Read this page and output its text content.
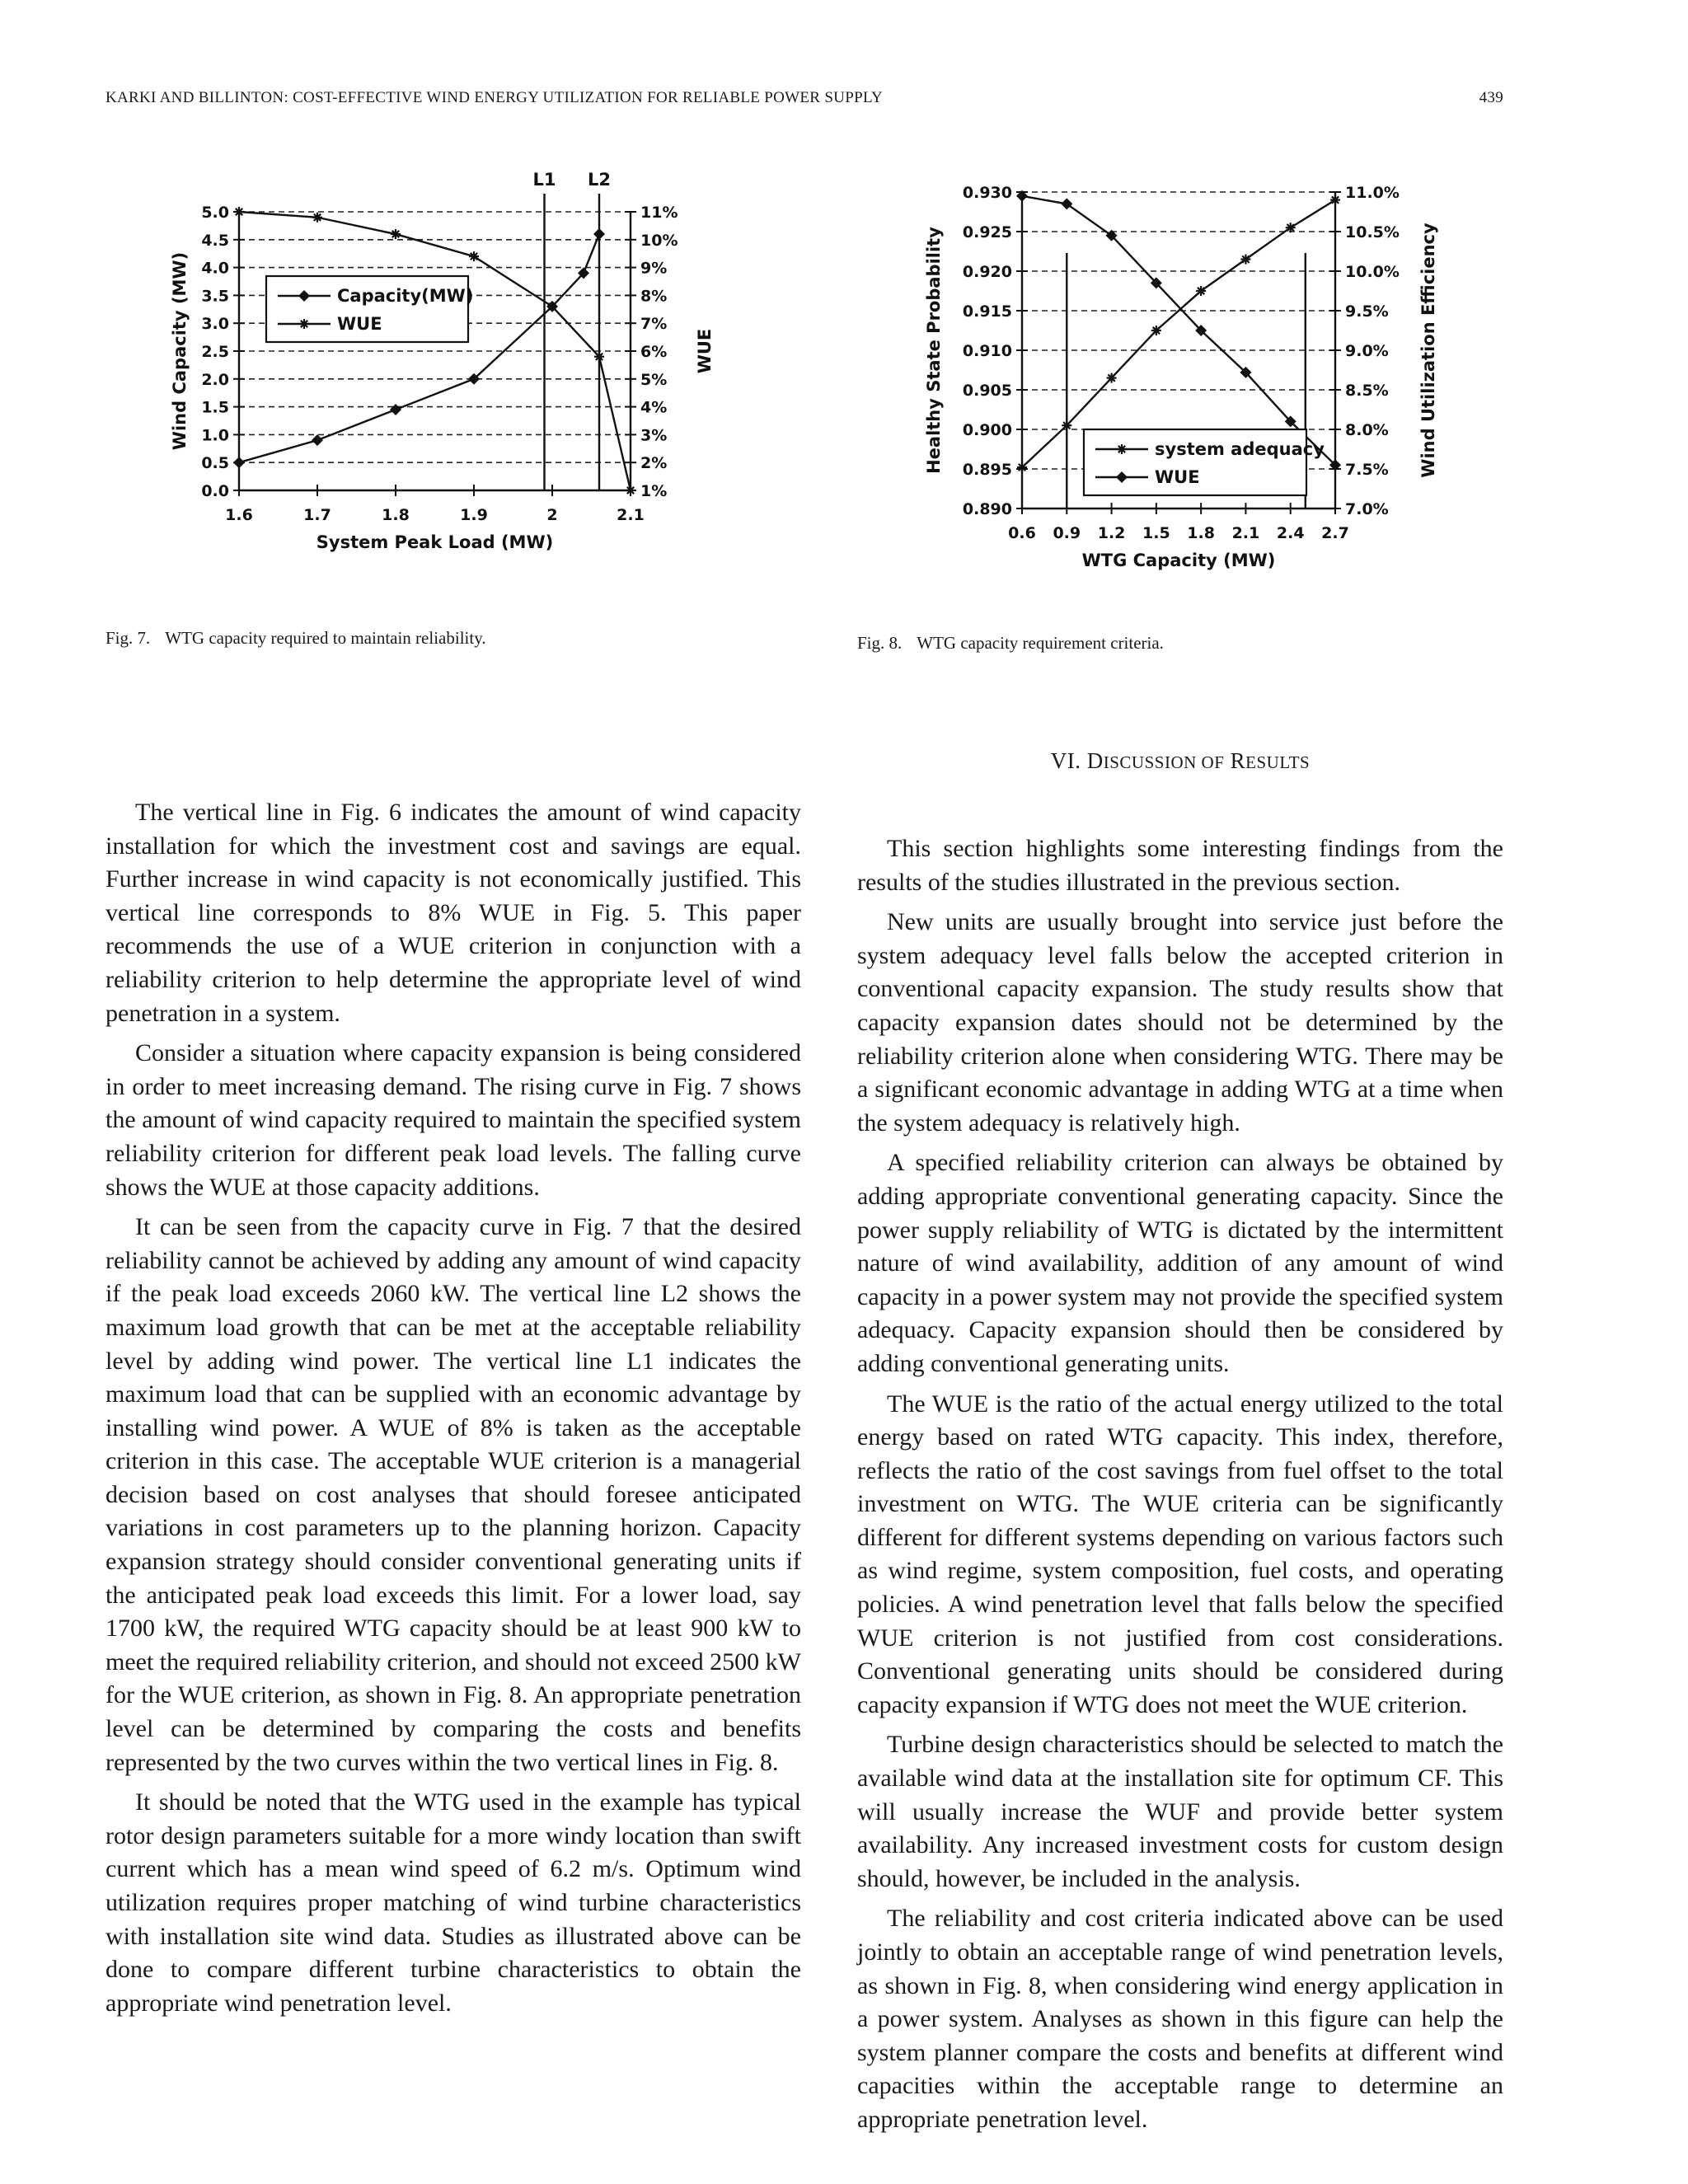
KARKI AND BILLINTON: COST-EFFECTIVE WIND ENERGY UTILIZATION FOR RELIABLE POWER SUPPLY	439
5.0
4.5
4.0
3.5
3.0
2.5
2.0
1.5
1.0
0.5
0.0
11%
10%
9%
8%
7%
6%
5%
4%
3%
2%
1%
1.6	1.7	1.8	1.9	2	2.1
L1 L2
Capacity(MW)
WUE
System Peak Load (MW)
Wind Capacity (MW)	WUE
Fig. 7. WTG capacity required to maintain reliability.
0.930
0.925
0.920
0.915
0.910
0.905
0.900
0.895
0.890
11.0%
10.5%
10.0%
9.5%
9.0%
8.5%
8.0%
7.5%
7.0%
0.6 0.9 1.2 1.5 1.8 2.1 2.4 2.7
system adequacy
WUE
WTG Capacity (MW)
Healthy State Probability	Wind Utilization Efficiency
Fig. 8. WTG capacity requirement criteria.
VI. DISCUSSION OF RESULTS

The vertical line in Fig. 6 indicates the amount of wind capacity installation for which the investment cost and savings are equal. Further increase in wind capacity is not economically justified. This vertical line corresponds to 8% WUE in Fig. 5. This paper recommends the use of a WUE criterion in conjunction with a reliability criterion to help determine the appropriate level of wind penetration in a system.

Consider a situation where capacity expansion is being considered in order to meet increasing demand. The rising curve in Fig. 7 shows the amount of wind capacity required to maintain the specified system reliability criterion for different peak load levels. The falling curve shows the WUE at those capacity additions.

It can be seen from the capacity curve in Fig. 7 that the desired reliability cannot be achieved by adding any amount of wind capacity if the peak load exceeds 2060 kW. The vertical line L2 shows the maximum load growth that can be met at the acceptable reliability level by adding wind power. The vertical line L1 indicates the maximum load that can be supplied with an economic advantage by installing wind power. A WUE of 8% is taken as the acceptable criterion in this case. The acceptable WUE criterion is a managerial decision based on cost analyses that should foresee anticipated variations in cost parameters up to the planning horizon. Capacity expansion strategy should consider conventional generating units if the anticipated peak load exceeds this limit. For a lower load, say 1700 kW, the required WTG capacity should be at least 900 kW to meet the required reliability criterion, and should not exceed 2500 kW for the WUE criterion, as shown in Fig. 8. An appropriate penetration level can be determined by comparing the costs and benefits represented by the two curves within the two vertical lines in Fig. 8.

It should be noted that the WTG used in the example has typical rotor design parameters suitable for a more windy location than swift current which has a mean wind speed of 6.2 m/s. Optimum wind utilization requires proper matching of wind turbine characteristics with installation site wind data. Studies as illustrated above can be done to compare different turbine characteristics to obtain the appropriate wind penetration level.

This section highlights some interesting findings from the results of the studies illustrated in the previous section.

New units are usually brought into service just before the system adequacy level falls below the accepted criterion in conventional capacity expansion. The study results show that capacity expansion dates should not be determined by the reliability criterion alone when considering WTG. There may be a significant economic advantage in adding WTG at a time when the system adequacy is relatively high.

A specified reliability criterion can always be obtained by adding appropriate conventional generating capacity. Since the power supply reliability of WTG is dictated by the intermittent nature of wind availability, addition of any amount of wind capacity in a power system may not provide the specified system adequacy. Capacity expansion should then be considered by adding conventional generating units.

The WUE is the ratio of the actual energy utilized to the total energy based on rated WTG capacity. This index, therefore, reflects the ratio of the cost savings from fuel offset to the total investment on WTG. The WUE criteria can be significantly different for different systems depending on various factors such as wind regime, system composition, fuel costs, and operating policies. A wind penetration level that falls below the specified WUE criterion is not justified from cost considerations. Conventional generating units should be considered during capacity expansion if WTG does not meet the WUE criterion.

Turbine design characteristics should be selected to match the available wind data at the installation site for optimum CF. This will usually increase the WUF and provide better system availability. Any increased investment costs for custom design should, however, be included in the analysis.

The reliability and cost criteria indicated above can be used jointly to obtain an acceptable range of wind penetration levels, as shown in Fig. 8, when considering wind energy application in a power system. Analyses as shown in this figure can help the system planner compare the costs and benefits at different wind capacities within the acceptable range to determine an appropriate penetration level.
